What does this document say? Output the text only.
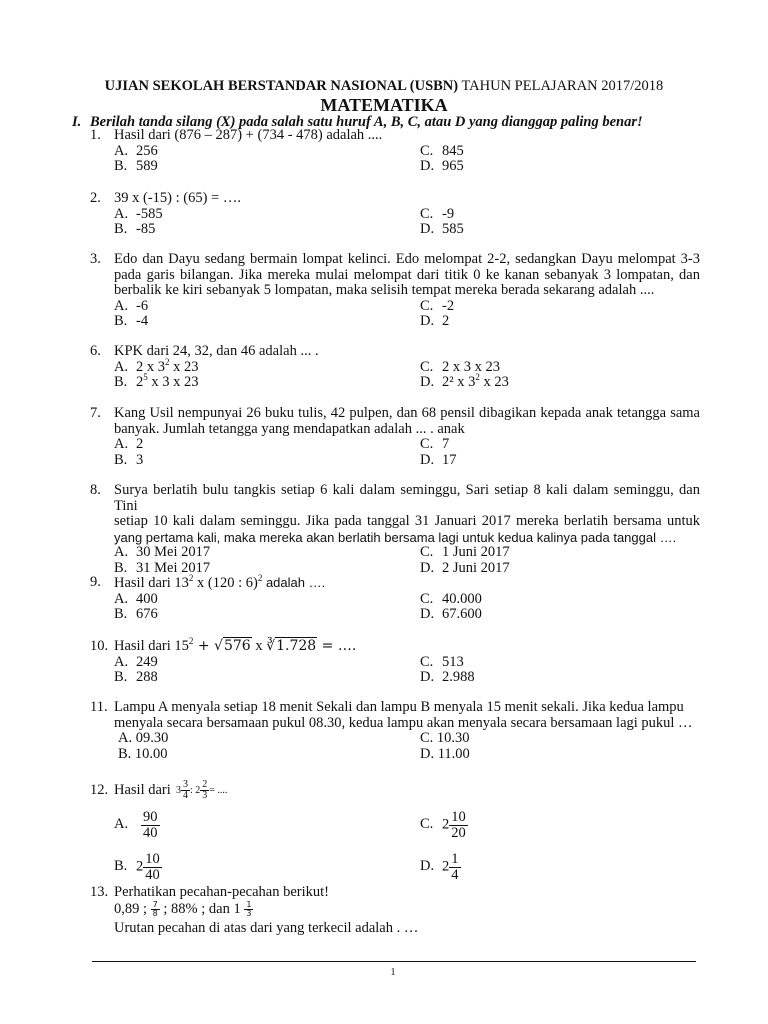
UJIAN SEKOLAH BERSTANDAR NASIONAL (USBN) TAHUN PELAJARAN 2017/2018
MATEMATIKA
I. Berilah tanda silang (X) pada salah satu huruf A, B, C, atau D yang dianggap paling benar!
1. Hasil dari (876 – 287) + (734 - 478) adalah ....
A. 256	C. 845
B. 589	D. 965
2. 39 x (-15) : (65) = ….
A. -585	C. -9
B. -85	D. 585
3. Edo dan Dayu sedang bermain lompat kelinci. Edo melompat 2-2, sedangkan Dayu melompat 3-3
pada garis bilangan. Jika mereka mulai melompat dari titik 0 ke kanan sebanyak 3 lompatan, dan
berbalik ke kiri sebanyak 5 lompatan, maka selisih tempat mereka berada sekarang adalah ....
A. -6	C. -2
B. -4	D. 2
6. KPK dari 24, 32, dan 46 adalah ... .
A. 2 x $3^2$ x 23	C. 2 x 3 x 23
B. $2^5$ x 3 x 23	D. 2² x $3^2$ x 23
7. Kang Usil nempunyai 26 buku tulis, 42 pulpen, dan 68 pensil dibagikan kepada anak tetangga sama
banyak. Jumlah tetangga yang mendapatkan adalah ... . anak
A. 2	C. 7
B. 3	D. 17
8. Surya berlatih bulu tangkis setiap 6 kali dalam seminggu, Sari setiap 8 kali dalam seminggu, dan Tini
setiap 10 kali dalam seminggu. Jika pada tanggal 31 Januari 2017 mereka berlatih bersama untuk
yang pertama kali, maka mereka akan berlatih bersama lagi untuk kedua kalinya pada tanggal ….
A. 30 Mei 2017	C. 1 Juni 2017
B. 31 Mei 2017	D. 2 Juni 2017
9. Hasil dari $13^2$ x (120 : 6)$^2$ adalah ….
A. 400	C. 40.000
B. 676	D. 67.600
10. Hasil dari $15^2 + √576$ x ∛1.728 = ….
A. 249	C. 513
B. 288	D. 2.988
11. Lampu A menyala setiap 18 menit Sekali dan lampu B menyala 15 menit sekali. Jika kedua lampu
menyala secara bersamaan pukul 08.30, kedua lampu akan menyala secara bersamaan lagi pukul …
A. 09.30	C. 10.30
B. 10.00	D. 11.00
12. Hasil dari $3 \frac{3}{4}$ : $2 \frac{2}{3}$ = ....
A. $\frac{90}{40}$	C. $2 \frac{10}{20}$
B. $2 \frac{10}{40}$	D. $2 \frac{1}{4}$
13. Perhatikan pecahan-pecahan berikut!
0,89 ; $\frac{7}{8}$ ; 88% ; dan $1 \frac{1}{3}$
Urutan pecahan di atas dari yang terkecil adalah . …
1
